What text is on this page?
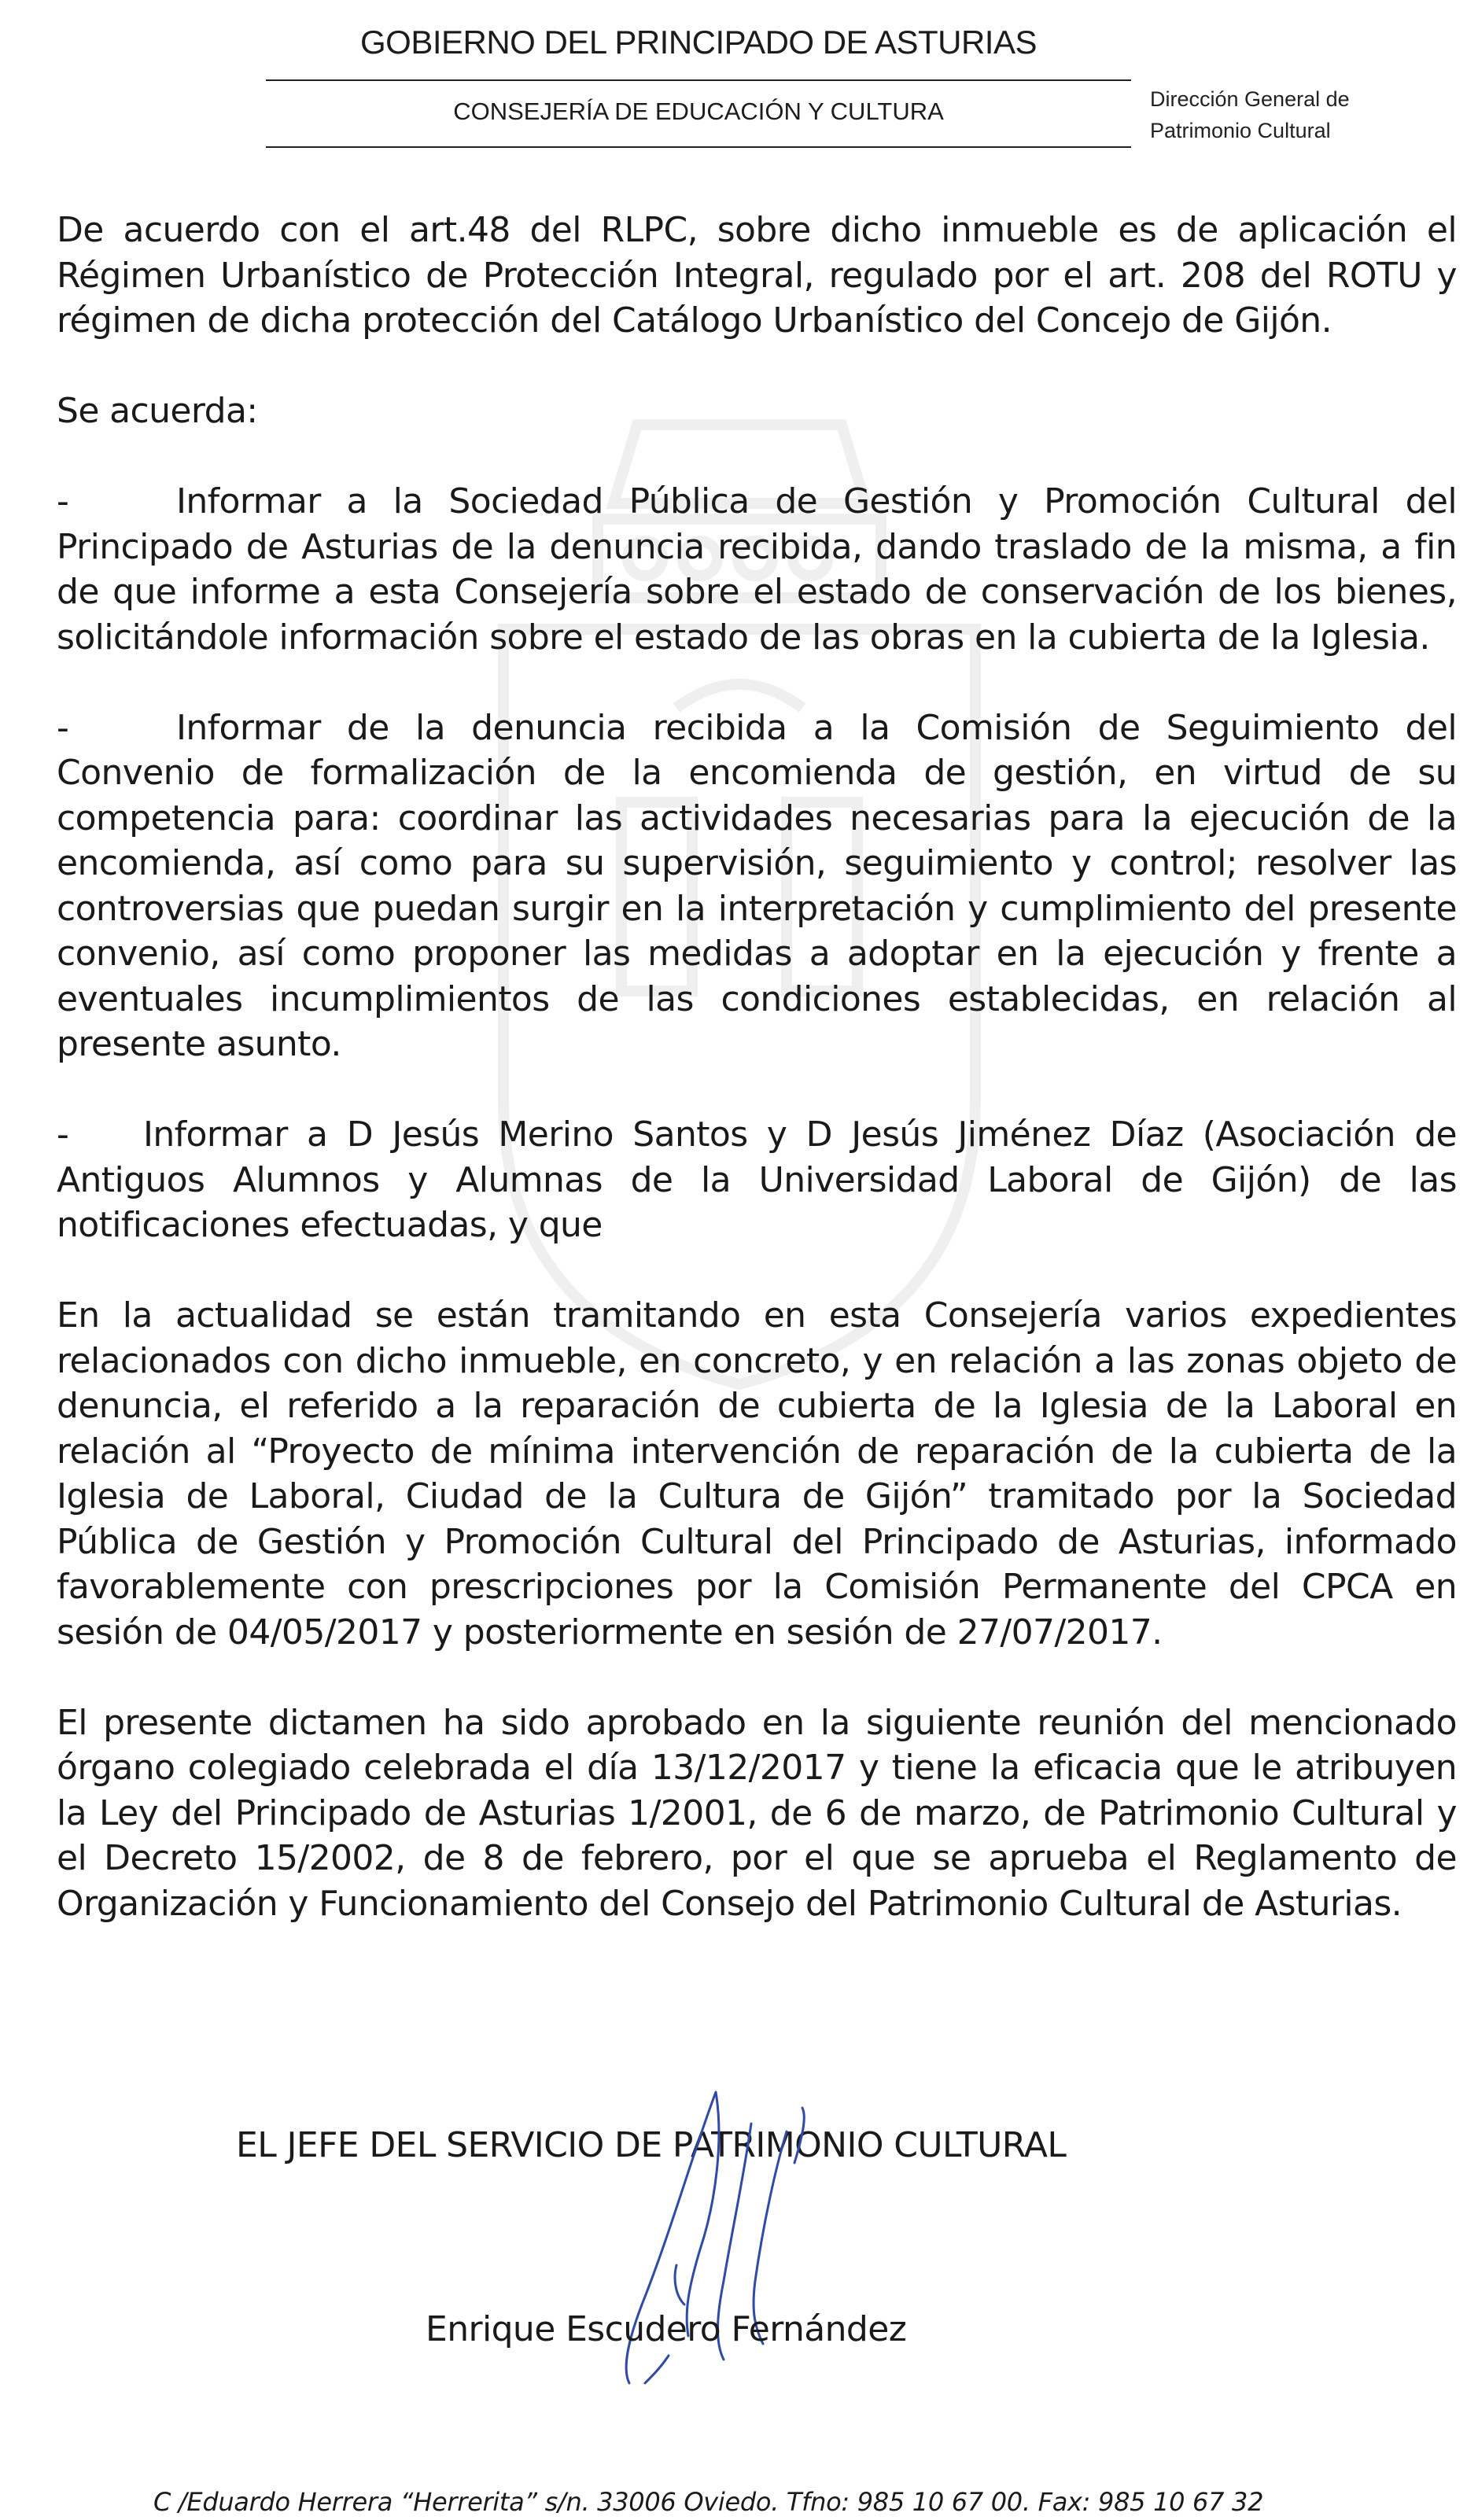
GOBIERNO DEL PRINCIPADO DE ASTURIAS
CONSEJERÍA DE EDUCACIÓN Y CULTURA	Dirección General de
Patrimonio Cultural

De acuerdo con el art.48 del RLPC, sobre dicho inmueble es de aplicación el Régimen Urbanístico de Protección Integral, regulado por el art. 208 del ROTU y régimen de dicha protección del Catálogo Urbanístico del Concejo de Gijón.

Se acuerda:

-	Informar a la Sociedad Pública de Gestión y Promoción Cultural del Principado de Asturias de la denuncia recibida, dando traslado de la misma, a fin de que informe a esta Consejería sobre el estado de conservación de los bienes, solicitándole información sobre el estado de las obras en la cubierta de la Iglesia.

-	Informar de la denuncia recibida a la Comisión de Seguimiento del Convenio de formalización de la encomienda de gestión, en virtud de su competencia para: coordinar las actividades necesarias para la ejecución de la encomienda, así como para su supervisión, seguimiento y control; resolver las controversias que puedan surgir en la interpretación y cumplimiento del presente convenio, así como proponer las medidas a adoptar en la ejecución y frente a eventuales incumplimientos de las condiciones establecidas, en relación al presente asunto.

- Informar a D Jesús Merino Santos y D Jesús Jiménez Díaz (Asociación de Antiguos Alumnos y Alumnas de la Universidad Laboral de Gijón) de las notificaciones efectuadas, y que

En la actualidad se están tramitando en esta Consejería varios expedientes relacionados con dicho inmueble, en concreto, y en relación a las zonas objeto de denuncia, el referido a la reparación de cubierta de la Iglesia de la Laboral en relación al “Proyecto de mínima intervención de reparación de la cubierta de la Iglesia de Laboral, Ciudad de la Cultura de Gijón” tramitado por la Sociedad Pública de Gestión y Promoción Cultural del Principado de Asturias, informado favorablemente con prescripciones por la Comisión Permanente del CPCA en sesión de 04/05/2017 y posteriormente en sesión de 27/07/2017.

El presente dictamen ha sido aprobado en la siguiente reunión del mencionado órgano colegiado celebrada el día 13/12/2017 y tiene la eficacia que le atribuyen la Ley del Principado de Asturias 1/2001, de 6 de marzo, de Patrimonio Cultural y el Decreto 15/2002, de 8 de febrero, por el que se aprueba el Reglamento de Organización y Funcionamiento del Consejo del Patrimonio Cultural de Asturias.

EL JEFE DEL SERVICIO DE PATRIMONIO CULTURAL
Enrique Escudero Fernández
C /Eduardo Herrera “Herrerita” s/n. 33006 Oviedo. Tfno: 985 10 67 00. Fax: 985 10 67 32
